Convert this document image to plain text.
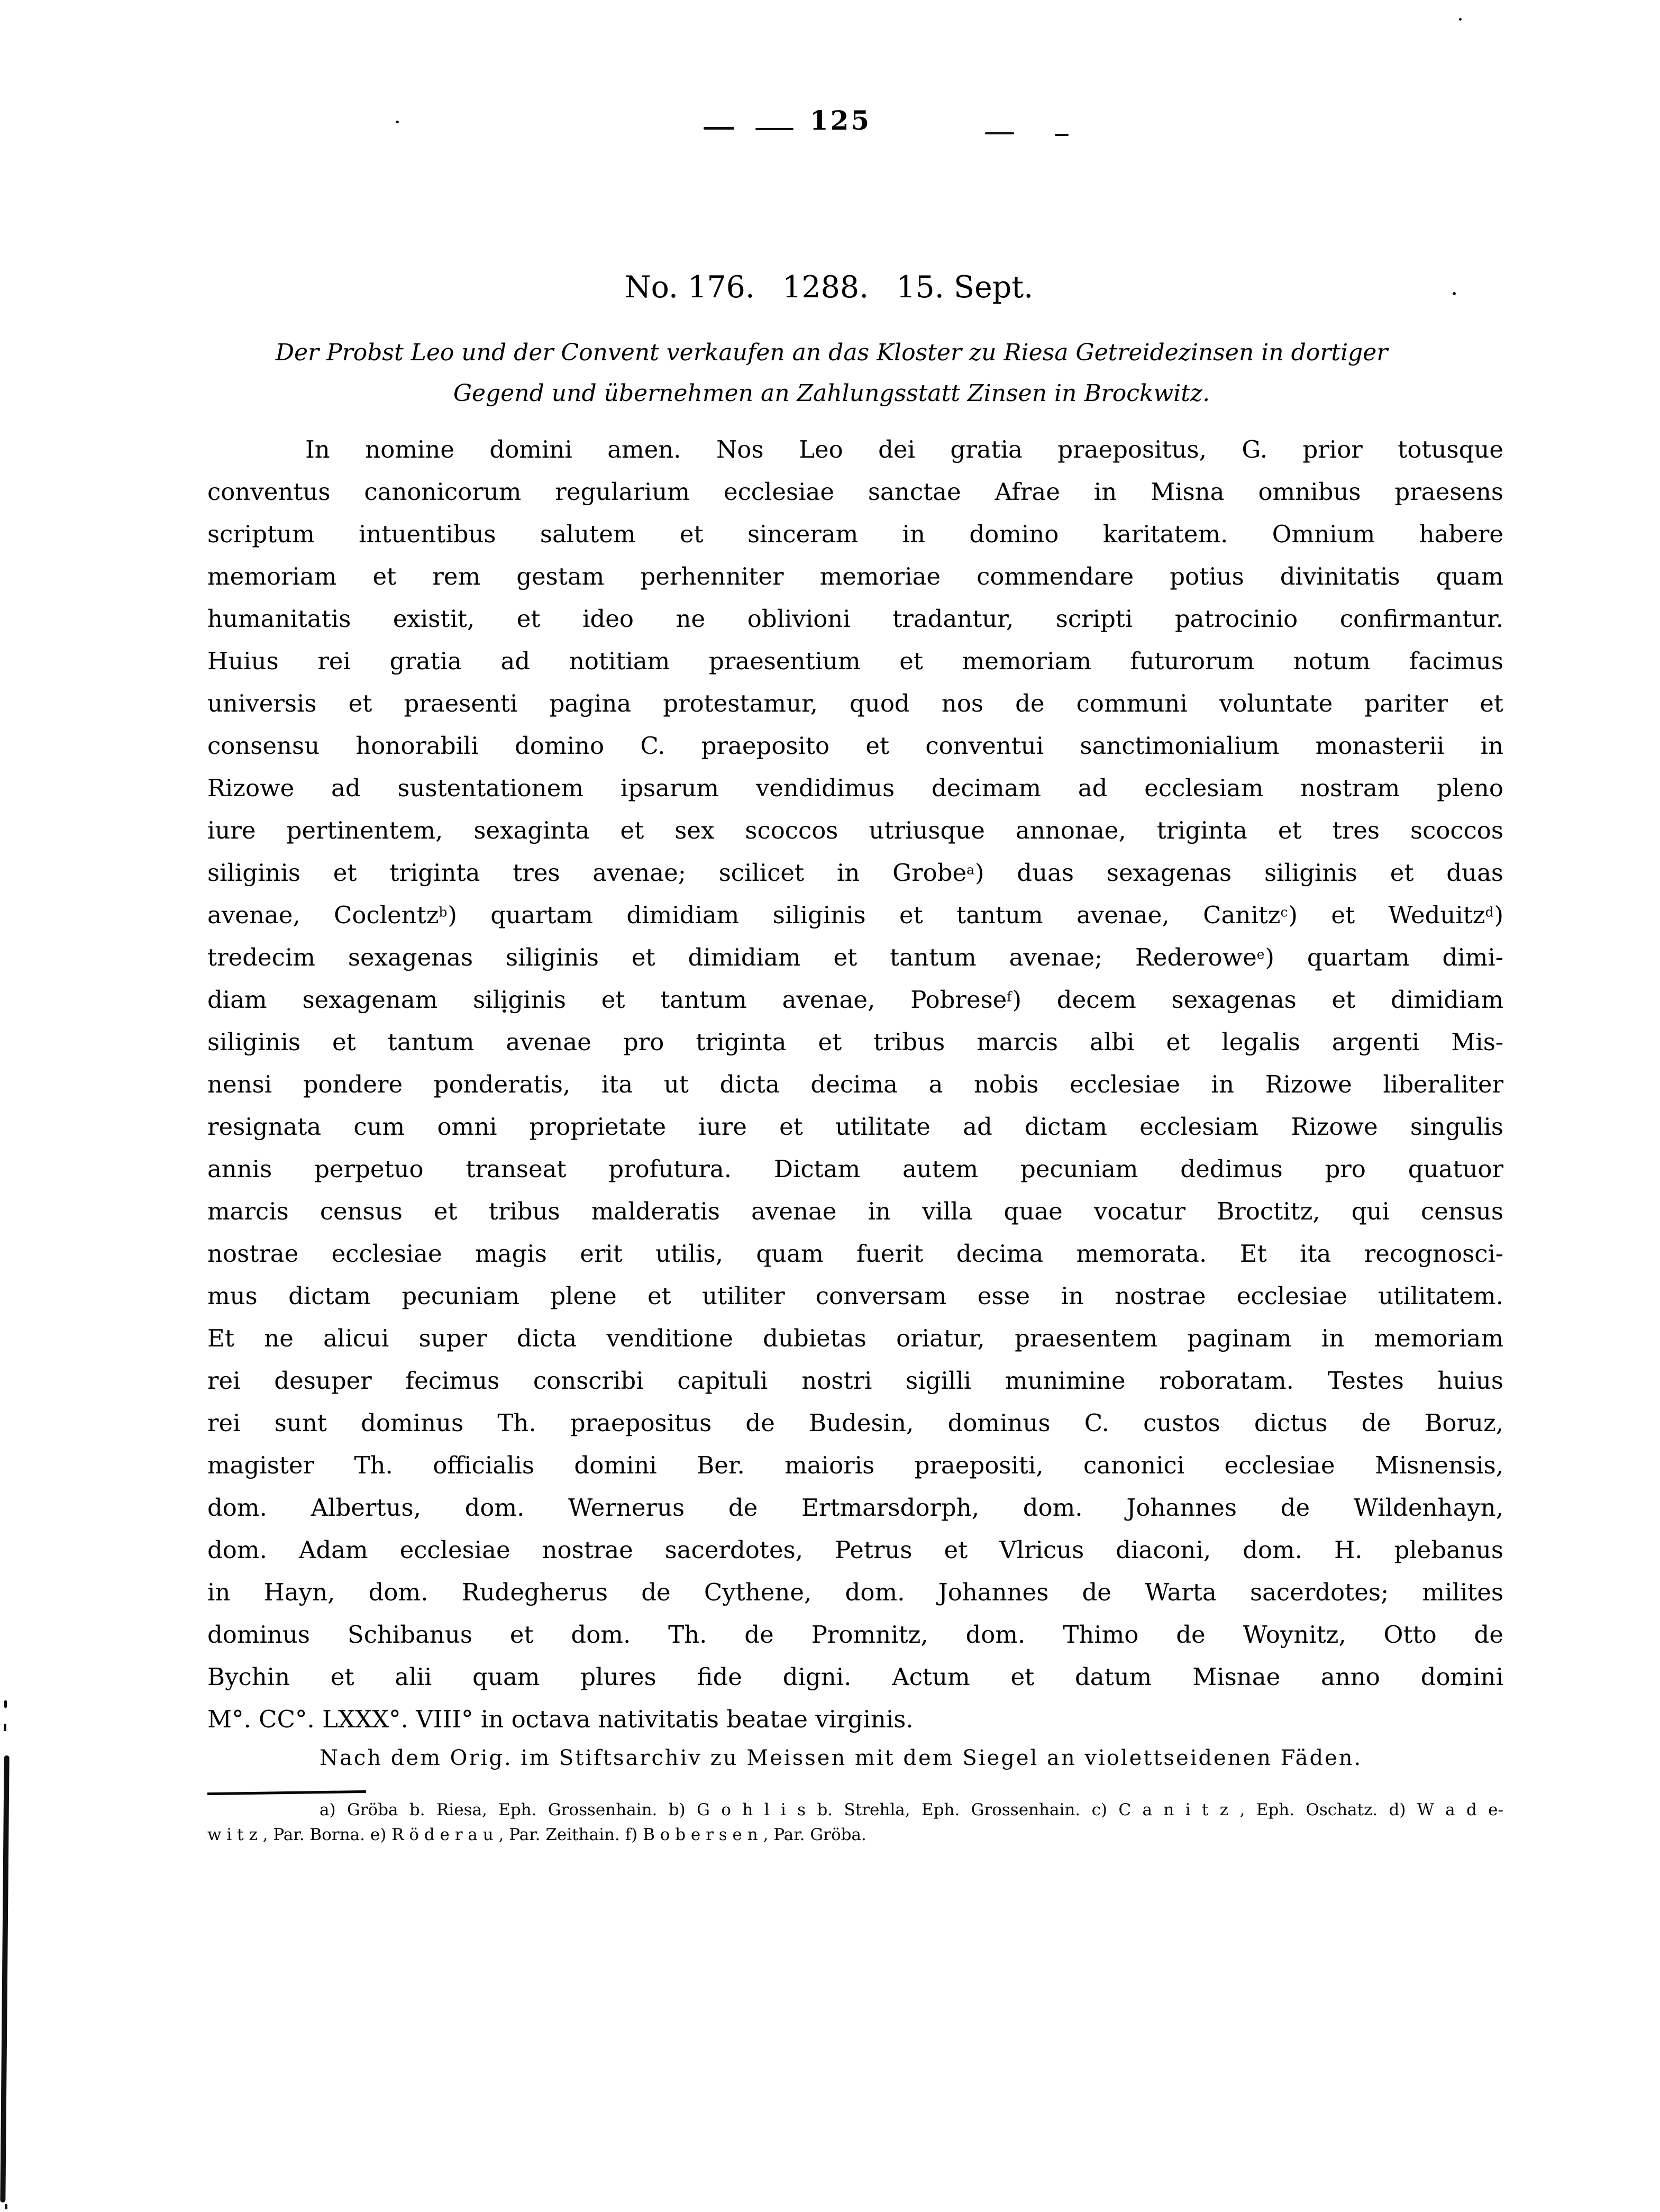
125
No. 176. 1288. 15. Sept.
Der Probst Leo und der Convent verkaufen an das Kloster zu Riesa Getreidezinsen in dortiger
Gegend und übernehmen an Zahlungsstatt Zinsen in Brockwitz.
In nomine domini amen. Nos Leo dei gratia praepositus, G. prior totusque
conventus canonicorum regularium ecclesiae sanctae Afrae in Misna omnibus praesens
scriptum intuentibus salutem et sinceram in domino karitatem. Omnium habere
memoriam et rem gestam perhenniter memoriae commendare potius divinitatis quam
humanitatis existit, et ideo ne oblivioni tradantur, scripti patrocinio confirmantur.
Huius rei gratia ad notitiam praesentium et memoriam futurorum notum facimus
universis et praesenti pagina protestamur, quod nos de communi voluntate pariter et
consensu honorabili domino C. praeposito et conventui sanctimonialium monasterii in
Rizowe ad sustentationem ipsarum vendidimus decimam ad ecclesiam nostram pleno
iure pertinentem, sexaginta et sex scoccos utriusque annonae, triginta et tres scoccos
siliginis et triginta tres avenae; scilicet in Grobe$^a$) duas sexagenas siliginis et duas
avenae, Coclentz$^b$) quartam dimidiam siliginis et tantum avenae, Canitz$^c$) et Weduitz$^d$)
tredecim sexagenas siliginis et dimidiam et tantum avenae; Rederowe$^e$) quartam dimi-
diam sexagenam siliginis et tantum avenae, Pobrese$^f$) decem sexagenas et dimidiam
siliginis et tantum avenae pro triginta et tribus marcis albi et legalis argenti Mis-
nensi pondere ponderatis, ita ut dicta decima a nobis ecclesiae in Rizowe liberaliter
resignata cum omni proprietate iure et utilitate ad dictam ecclesiam Rizowe singulis
annis perpetuo transeat profutura. Dictam autem pecuniam dedimus pro quatuor
marcis census et tribus malderatis avenae in villa quae vocatur Broctitz, qui census
nostrae ecclesiae magis erit utilis, quam fuerit decima memorata. Et ita recognosci-
mus dictam pecuniam plene et utiliter conversam esse in nostrae ecclesiae utilitatem.
Et ne alicui super dicta venditione dubietas oriatur, praesentem paginam in memoriam
rei desuper fecimus conscribi capituli nostri sigilli munimine roboratam. Testes huius
rei sunt dominus Th. praepositus de Budesin, dominus C. custos dictus de Boruz,
magister Th. officialis domini Ber. maioris praepositi, canonici ecclesiae Misnensis,
dom. Albertus, dom. Wernerus de Ertmarsdorph, dom. Johannes de Wildenhayn,
dom. Adam ecclesiae nostrae sacerdotes, Petrus et Vlricus diaconi, dom. H. plebanus
in Hayn, dom. Rudegherus de Cythene, dom. Johannes de Warta sacerdotes; milites
dominus Schibanus et dom. Th. de Promnitz, dom. Thimo de Woynitz, Otto de
Bychin et alii quam plures fide digni. Actum et datum Misnae anno domini
M°. CC°. LXXX°. VIII° in octava nativitatis beatae virginis.
Nach dem Orig. im Stiftsarchiv zu Meissen mit dem Siegel an violettseidenen Fäden.
a) Gröba b. Riesa, Eph. Grossenhain. b) G o h l i s b. Strehla, Eph. Grossenhain. c) C a n i t z , Eph. Oschatz. d) W a d e-
w i t z , Par. Borna. e) R ö d e r a u , Par. Zeithain. f) B o b e r s e n , Par. Gröba.
